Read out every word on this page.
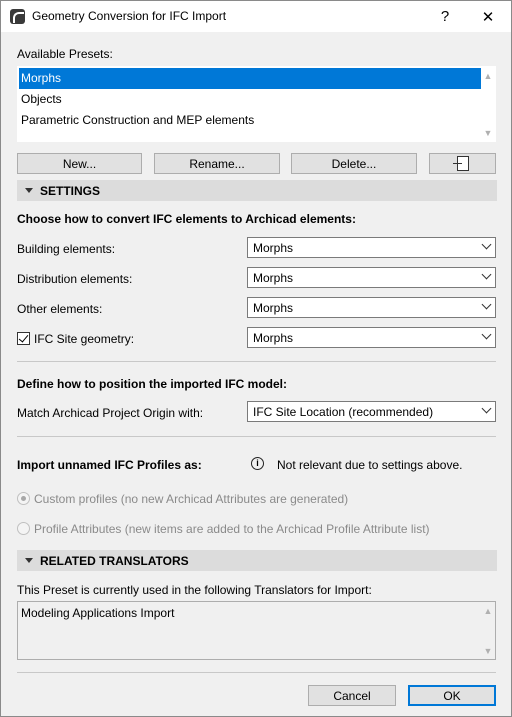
Geometry Conversion for IFC Import	?	✕
Available Presets:
Morphs
Objects
Parametric Construction and MEP elements
▲
▼
New...	Rename...	Delete...
SETTINGS
Choose how to convert IFC elements to Archicad elements:
Building elements:	Morphs
Distribution elements:	Morphs
Other elements:	Morphs
IFC Site geometry:	Morphs
Define how to position the imported IFC model:
Match Archicad Project Origin with:	IFC Site Location (recommended)
Import unnamed IFC Profiles as:	i	Not relevant due to settings above.
Custom profiles (no new Archicad Attributes are generated)
Profile Attributes (new items are added to the Archicad Profile Attribute list)
RELATED TRANSLATORS
This Preset is currently used in the following Translators for Import:
Modeling Applications Import	▲
▼
Cancel	OK
